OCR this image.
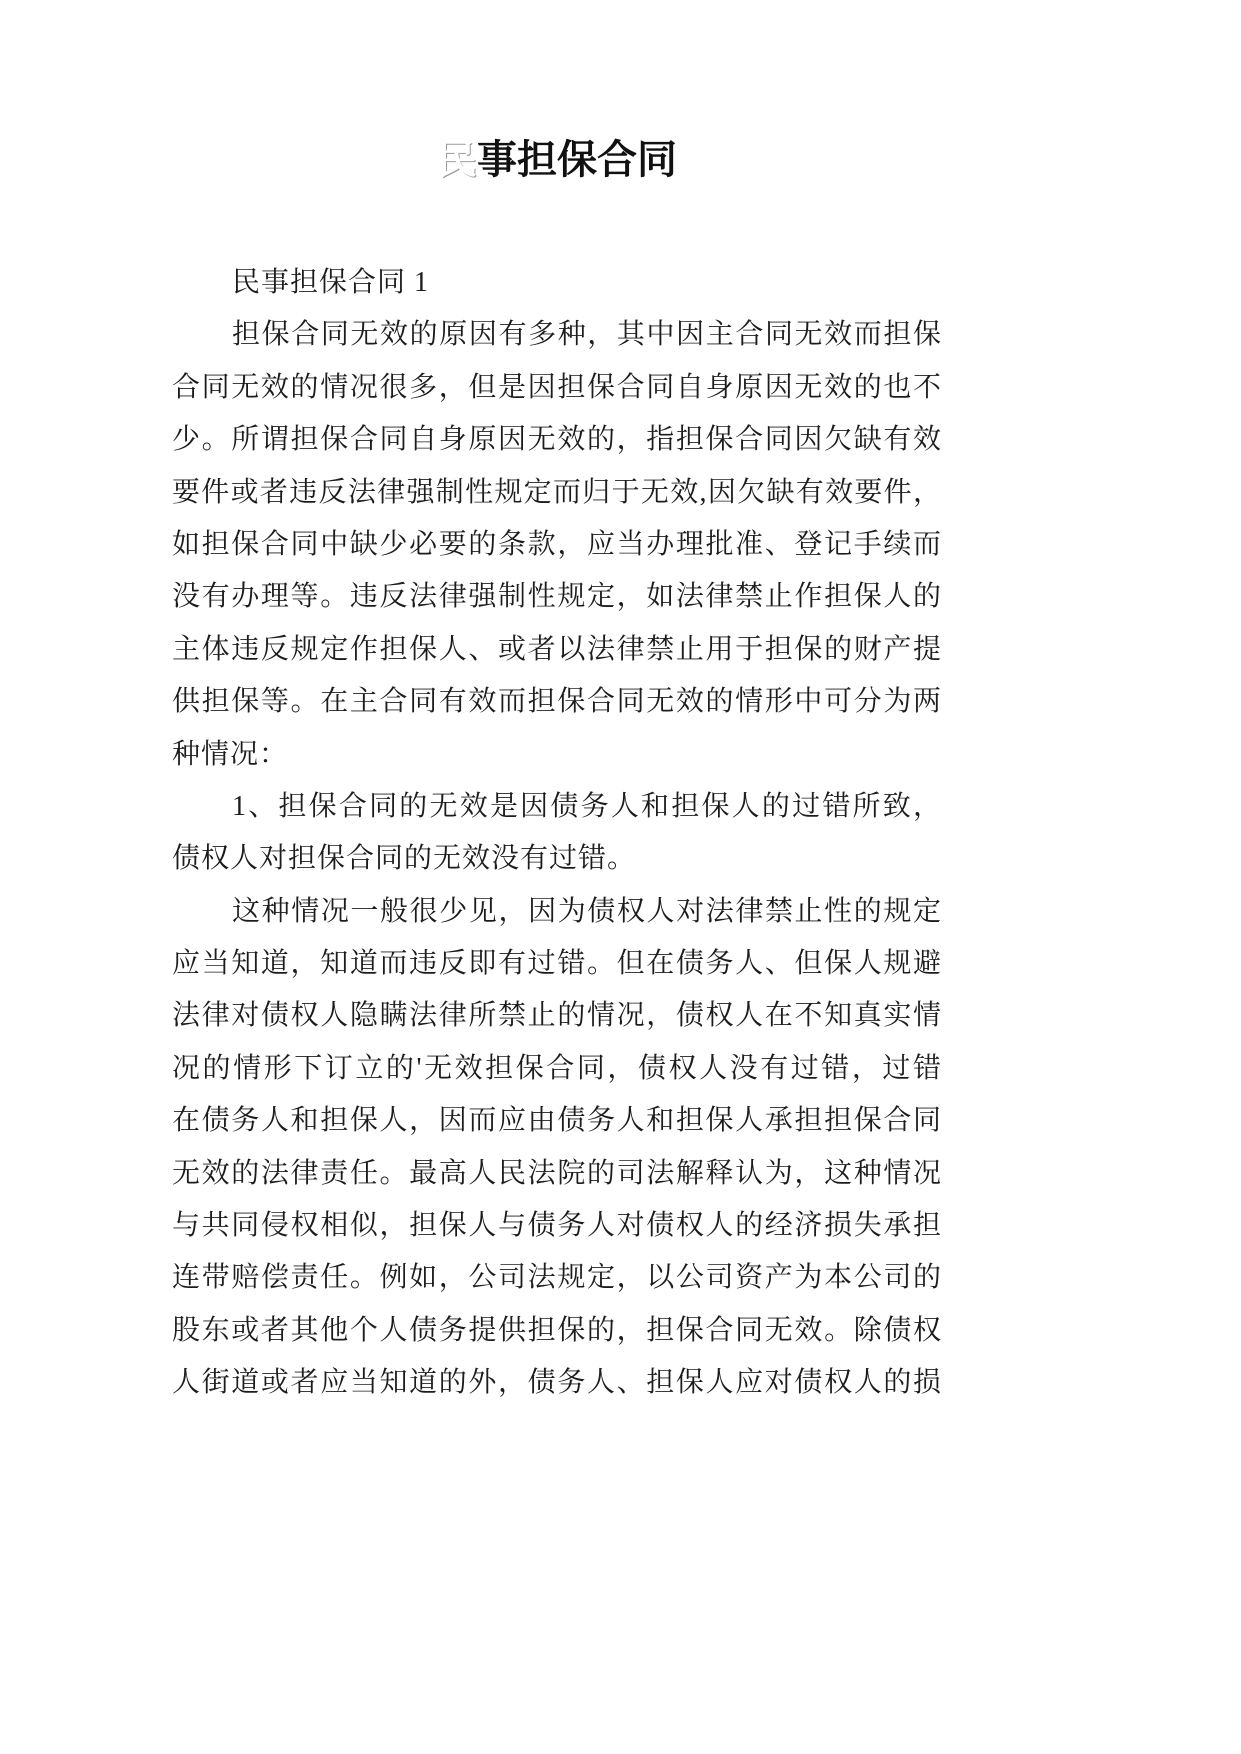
民事担保合同
民事担保合同 1
担保合同无效的原因有多种，其中因主合同无效而担保
合同无效的情况很多，但是因担保合同自身原因无效的也不
少。所谓担保合同自身原因无效的，指担保合同因欠缺有效
要件或者违反法律强制性规定而归于无效,因欠缺有效要件，
如担保合同中缺少必要的条款，应当办理批准、登记手续而
没有办理等。违反法律强制性规定，如法律禁止作担保人的
主体违反规定作担保人、或者以法律禁止用于担保的财产提
供担保等。在主合同有效而担保合同无效的情形中可分为两
种情况：
1、担保合同的无效是因债务人和担保人的过错所致，
债权人对担保合同的无效没有过错。
这种情况一般很少见，因为债权人对法律禁止性的规定
应当知道，知道而违反即有过错。但在债务人、但保人规避
法律对债权人隐瞒法律所禁止的情况，债权人在不知真实情
况的情形下订立的'无效担保合同，债权人没有过错，过错
在债务人和担保人，因而应由债务人和担保人承担担保合同
无效的法律责任。最高人民法院的司法解释认为，这种情况
与共同侵权相似，担保人与债务人对债权人的经济损失承担
连带赔偿责任。例如，公司法规定，以公司资产为本公司的
股东或者其他个人债务提供担保的，担保合同无效。除债权
人街道或者应当知道的外，债务人、担保人应对债权人的损
